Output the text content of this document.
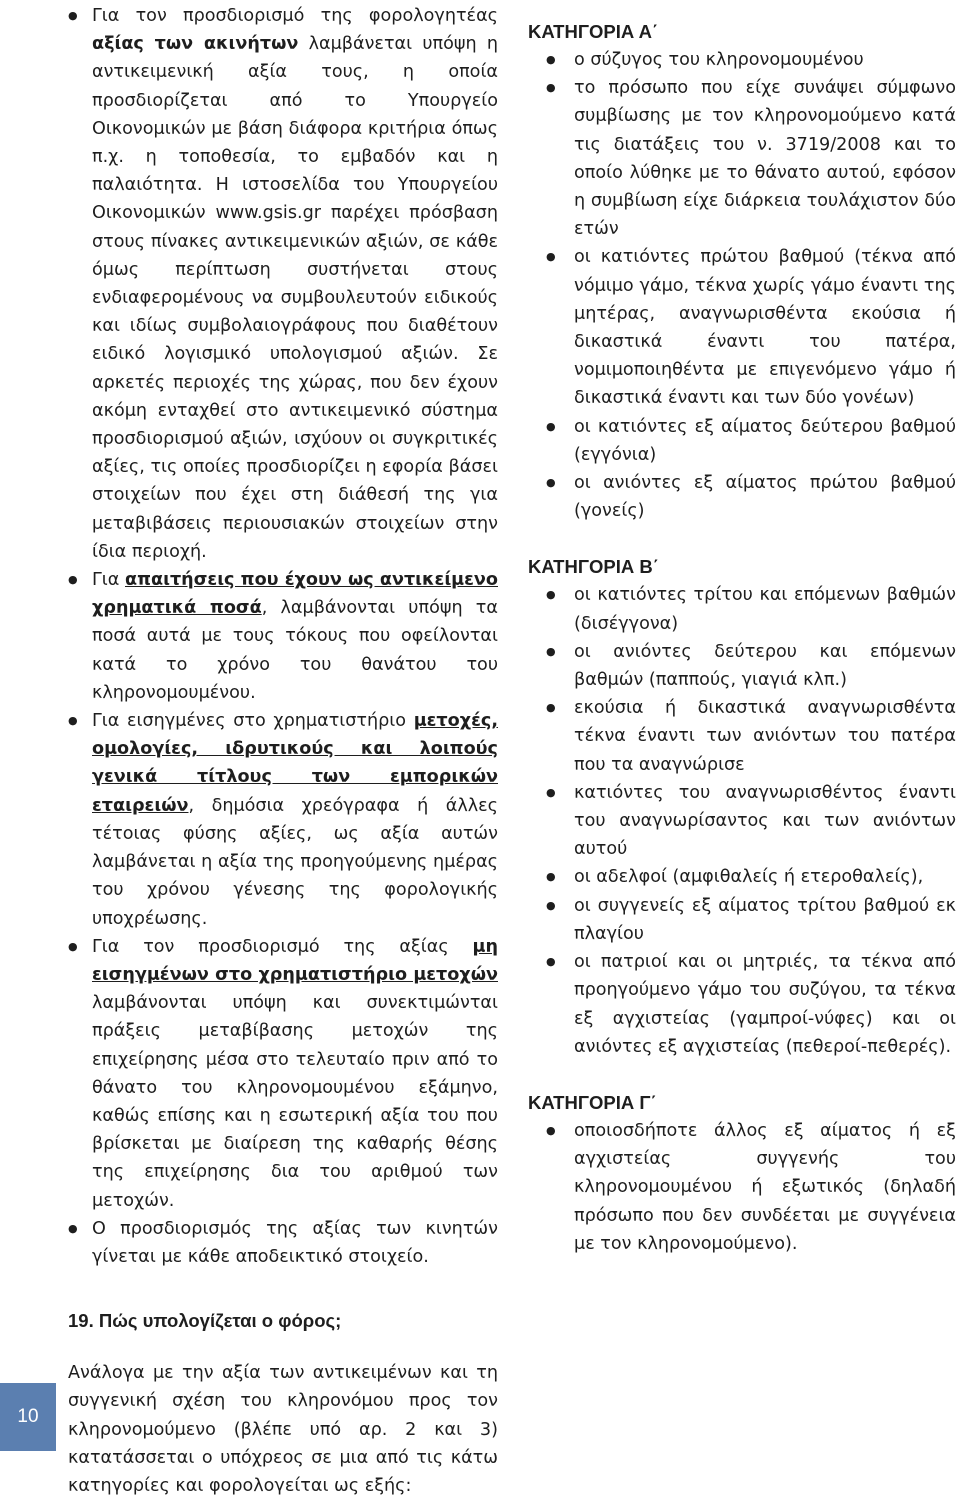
● Για τον προσδιορισμό της φορολογητέας αξίας των ακινήτων λαμβάνεται υπόψη η αντικειμενική αξία τους, η οποία προσδιορίζεται από το Υπουργείο Οικονομικών με βάση διάφορα κριτήρια όπως π.χ. η τοποθεσία, το εμβαδόν και η παλαιότητα. Η ιστοσελίδα του Υπουργείου Οικονομικών www.gsis.gr παρέχει πρόσβαση στους πίνακες αντικειμενικών αξιών, σε κάθε όμως περίπτωση συστήνεται στους ενδιαφερομένους να συμβουλευτούν ειδικούς και ιδίως συμβολαιογράφους που διαθέτουν ειδικό λογισμικό υπολογισμού αξιών. Σε αρκετές περιοχές της χώρας, που δεν έχουν ακόμη ενταχθεί στο αντικειμενικό σύστημα προσδιορισμού αξιών, ισχύουν οι συγκριτικές αξίες, τις οποίες προσδιορίζει η εφορία βάσει στοιχείων που έχει στη διάθεσή της για μεταβιβάσεις περιουσιακών στοιχείων στην ίδια περιοχή.
● Για απαιτήσεις που έχουν ως αντικείμενο χρηματικά ποσά, λαμβάνονται υπόψη τα ποσά αυτά με τους τόκους που οφείλονται κατά το χρόνο του θανάτου του κληρονομουμένου.
● Για εισηγμένες στο χρηματιστήριο μετοχές, ομολογίες, ιδρυτικούς και λοιπούς γενικά τίτλους των εμπορικών εταιρειών, δημόσια χρεόγραφα ή άλλες τέτοιας φύσης αξίες, ως αξία αυτών λαμβάνεται η αξία της προηγούμενης ημέρας του χρόνου γένεσης της φορολογικής υποχρέωσης.
● Για τον προσδιορισμό της αξίας μη εισηγμένων στο χρηματιστήριο μετοχών λαμβάνονται υπόψη και συνεκτιμώνται πράξεις μεταβίβασης μετοχών της επιχείρησης μέσα στο τελευταίο πριν από το θάνατο του κληρονομουμένου εξάμηνο, καθώς επίσης και η εσωτερική αξία του που βρίσκεται με διαίρεση της καθαρής θέσης της επιχείρησης δια του αριθμού των μετοχών.
● Ο προσδιορισμός της αξίας των κινητών γίνεται με κάθε αποδεικτικό στοιχείο.
19. Πώς υπολογίζεται ο φόρος;

Ανάλογα με την αξία των αντικειμένων και τη συγγενική σχέση του κληρονόμου προς τον κληρονομούμενο (βλέπε υπό αρ. 2 και 3) κατατάσσεται ο υπόχρεος σε μια από τις κάτω κατηγορίες και φορολογείται ως εξής:

ΚΑΤΗΓΟΡΙΑ Α΄
● ο σύζυγος του κληρονομουμένου
● το πρόσωπο που είχε συνάψει σύμφωνο συμβίωσης με τον κληρονομούμενο κατά τις διατάξεις του ν. 3719/2008 και το οποίο λύθηκε με το θάνατο αυτού, εφόσον η συμβίωση είχε διάρκεια τουλάχιστον δύο ετών
● οι κατιόντες πρώτου βαθμού (τέκνα από νόμιμο γάμο, τέκνα χωρίς γάμο έναντι της μητέρας, αναγνωρισθέντα εκούσια ή δικαστικά έναντι του πατέρα, νομιμοποιηθέντα με επιγενόμενο γάμο ή δικαστικά έναντι και των δύο γονέων)
● οι κατιόντες εξ αίματος δεύτερου βαθμού (εγγόνια)
● οι ανιόντες εξ αίματος πρώτου βαθμού (γονείς)
ΚΑΤΗΓΟΡΙΑ Β΄
● οι κατιόντες τρίτου και επόμενων βαθμών (δισέγγονα)
● οι ανιόντες δεύτερου και επόμενων βαθμών (παππούς, γιαγιά κλπ.)
● εκούσια ή δικαστικά αναγνωρισθέντα τέκνα έναντι των ανιόντων του πατέρα που τα αναγνώρισε
● κατιόντες του αναγνωρισθέντος έναντι του αναγνωρίσαντος και των ανιόντων αυτού
● οι αδελφοί (αμφιθαλείς ή ετεροθαλείς),
● οι συγγενείς εξ αίματος τρίτου βαθμού εκ πλαγίου
● οι πατριοί και οι μητριές, τα τέκνα από προηγούμενο γάμο του συζύγου, τα τέκνα εξ αγχιστείας (γαμπροί-νύφες) και οι ανιόντες εξ αγχιστείας (πεθεροί-πεθερές).
ΚΑΤΗΓΟΡΙΑ Γ΄
● οποιοσδήποτε άλλος εξ αίματος ή εξ αγχιστείας συγγενής του κληρονομουμένου ή εξωτικός (δηλαδή πρόσωπο που δεν συνδέεται με συγγένεια με τον κληρονομούμενο).
10
